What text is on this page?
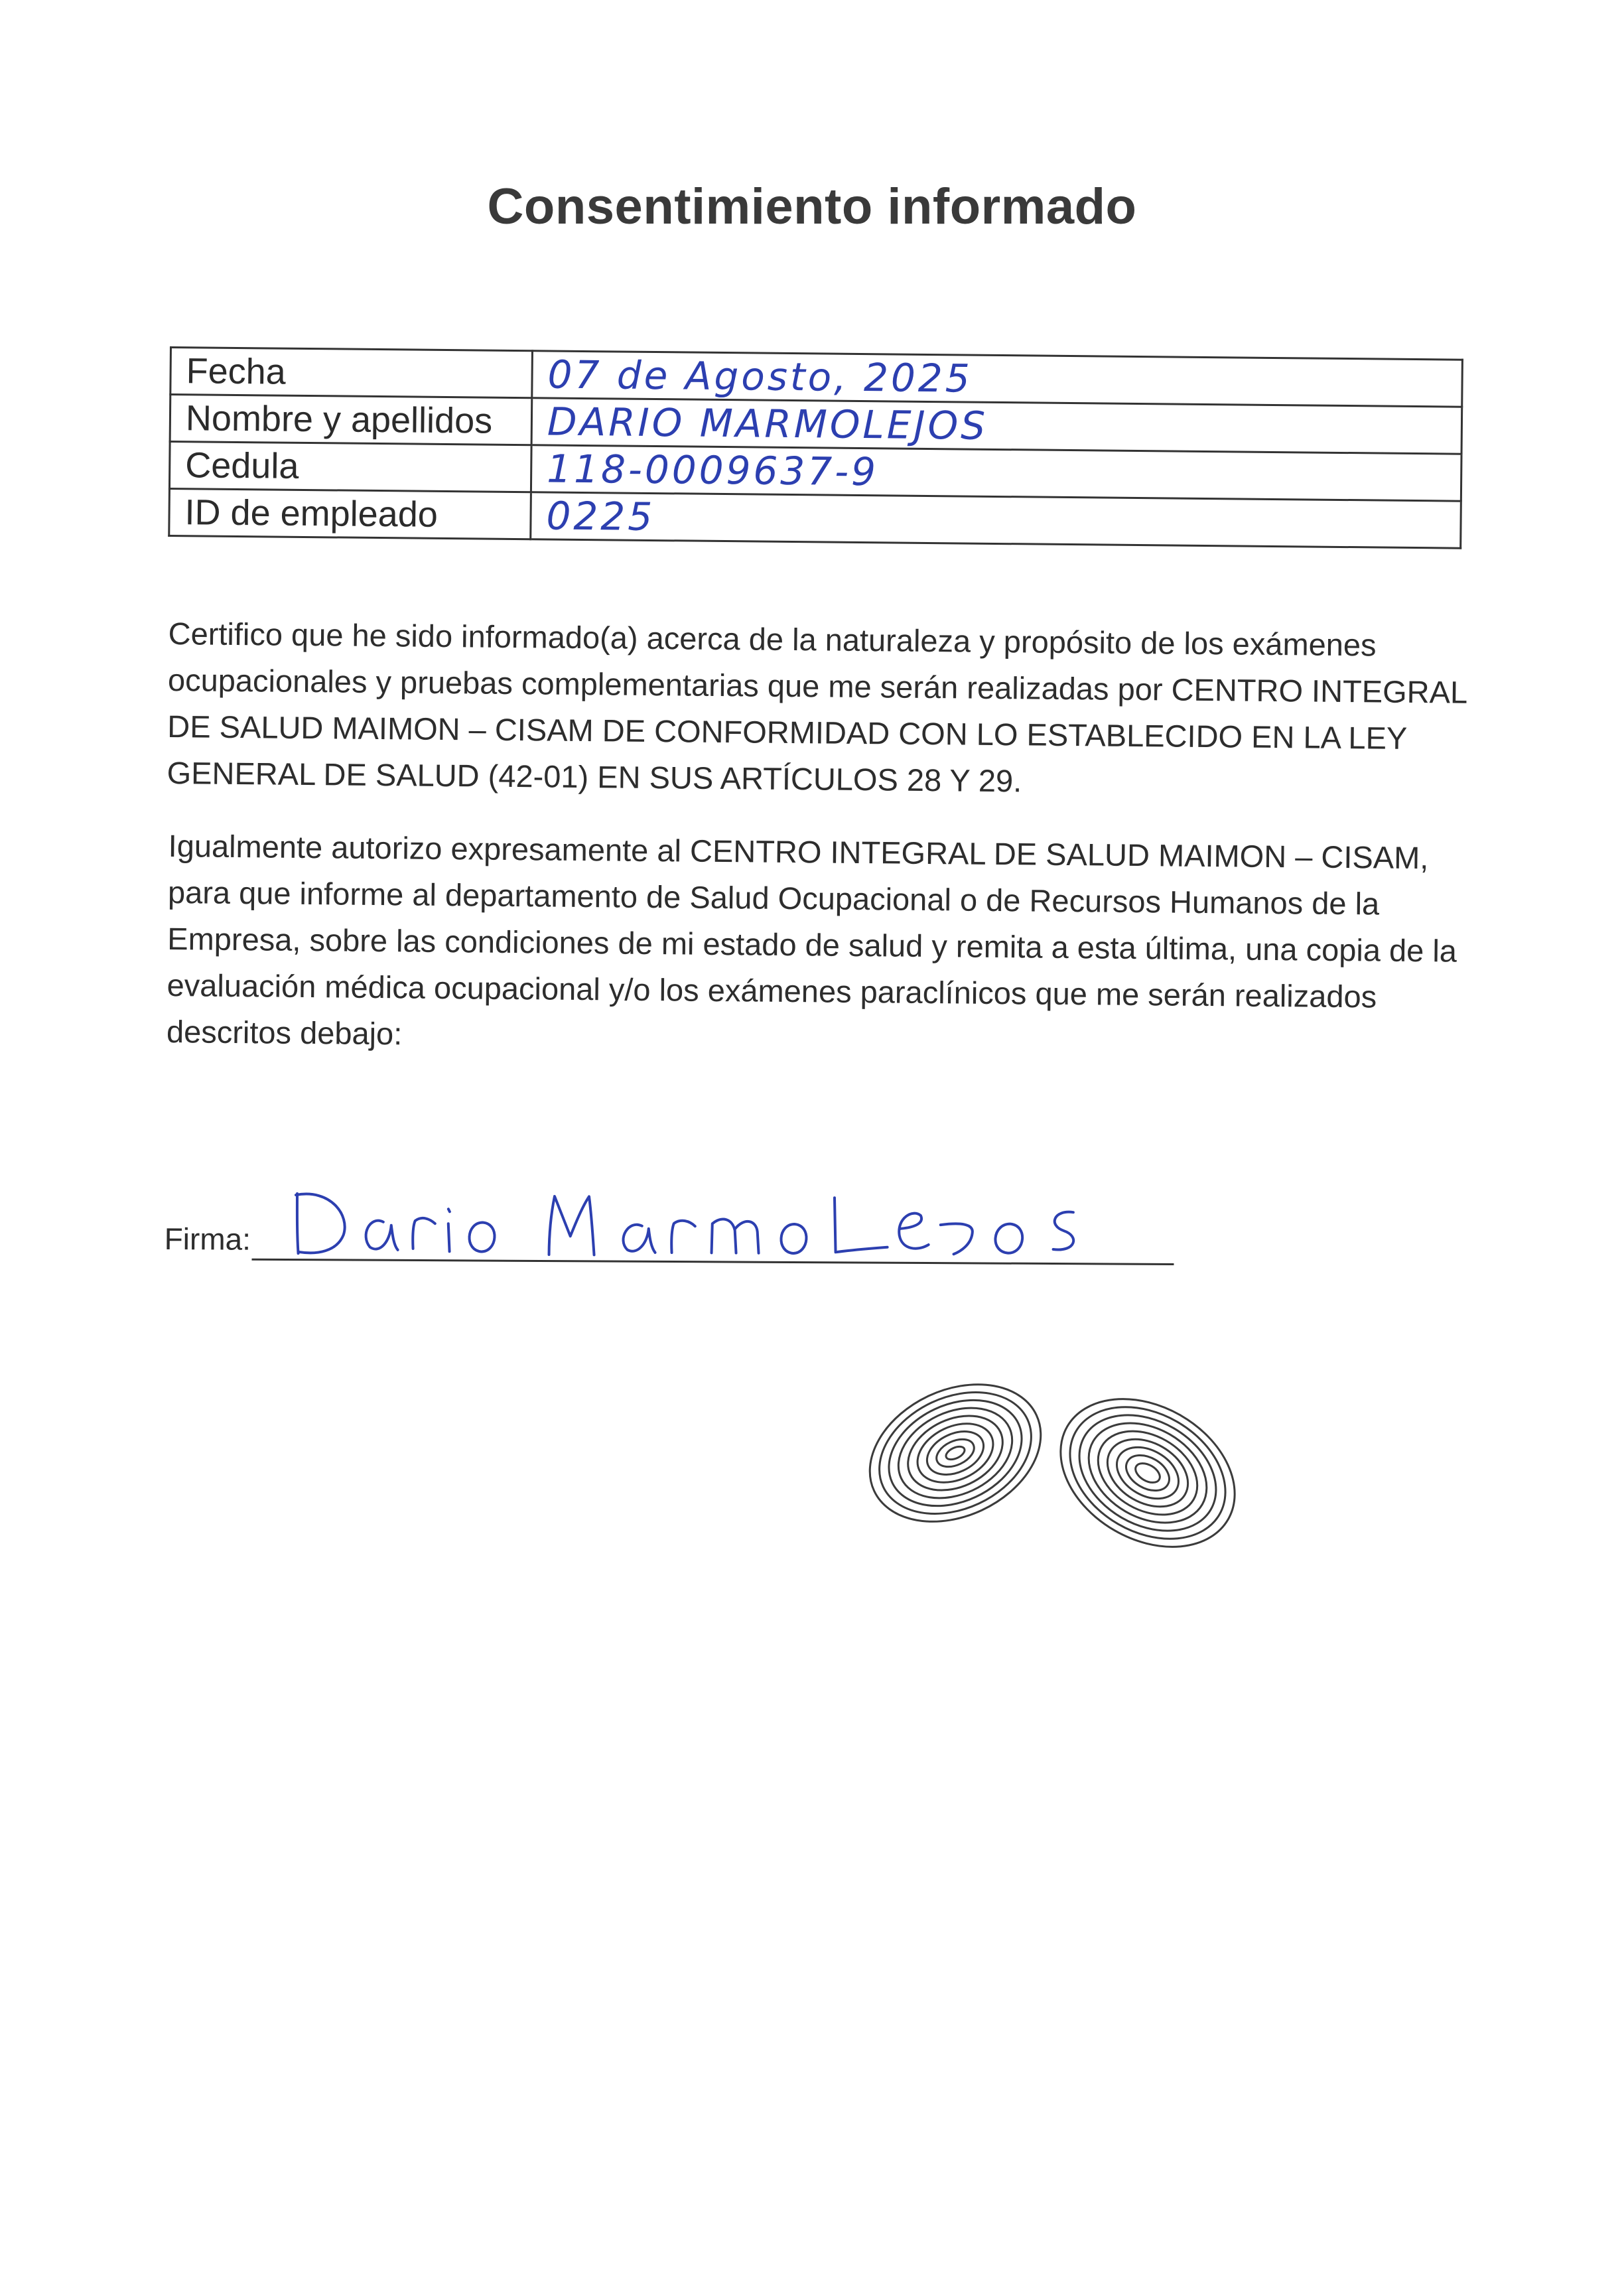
Consentimiento informado
Fecha	07 de Agosto, 2025
Nombre y apellidos	DARIO MARMOLEJOS
Cedula	118-0009637-9
ID de empleado	0225
Certifico que he sido informado(a) acerca de la naturaleza y propósito de los exámenes ocupacionales y pruebas complementarias que me serán realizadas por CENTRO INTEGRAL DE SALUD MAIMON – CISAM DE CONFORMIDAD CON LO ESTABLECIDO EN LA LEY GENERAL DE SALUD (42-01) EN SUS ARTÍCULOS 28 Y 29.
Igualmente autorizo expresamente al CENTRO INTEGRAL DE SALUD MAIMON – CISAM, para que informe al departamento de Salud Ocupacional o de Recursos Humanos de la Empresa, sobre las condiciones de mi estado de salud y remita a esta última, una copia de la evaluación médica ocupacional y/o los exámenes paraclínicos que me serán realizados descritos debajo:
Firma:
